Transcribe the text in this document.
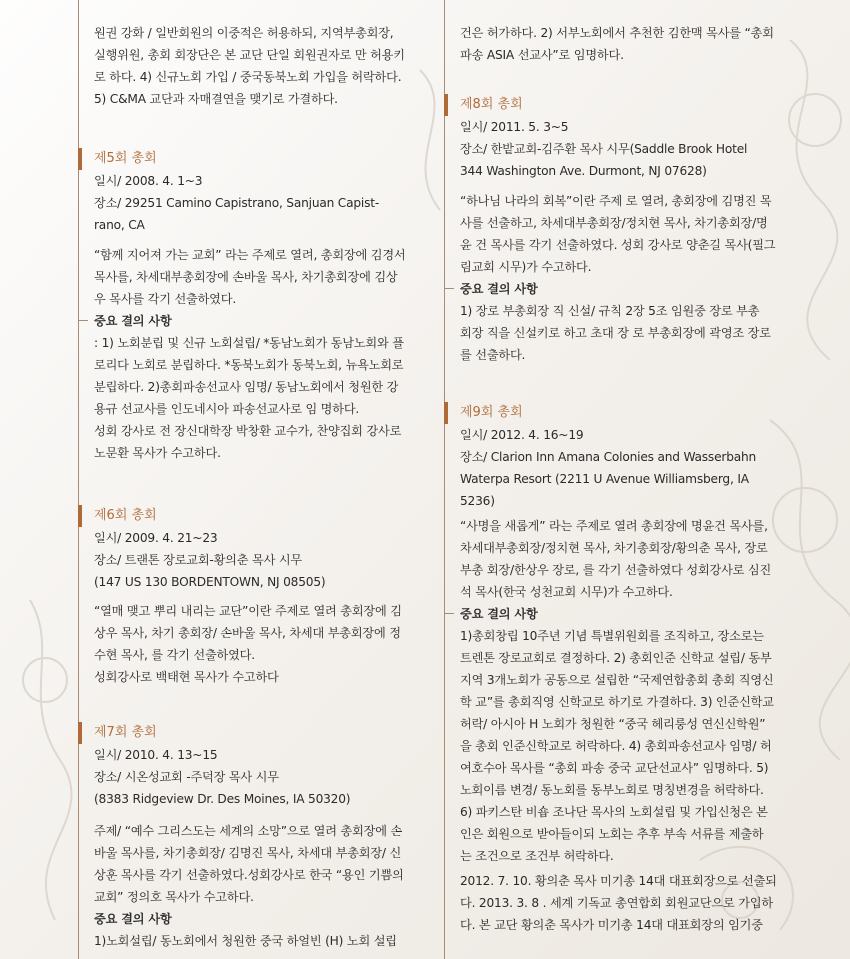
원권 강화 / 일반회원의 이중적은 허용하되, 지역부총회장,
실행위원, 총회 회장단은 본 교단 단일 회원권자로 만 허용키
로 하다. 4) 신규노회 가입 / 중국동북노회 가입을 허락하다.
5) C&MA 교단과 자매결연을 맺기로 가결하다.

제5회 총회
일시/ 2008. 4. 1~3
장소/ 29251 Camino Capistrano, Sanjuan Capist-
rano, CA

“함께 지어져 가는 교회” 라는 주제로 열려, 총회장에 김경서
목사를, 차세대부총회장에 손바울 목사, 차기총회장에 김상
우 목사를 각기 선출하였다.

중요 결의 사항

: 1) 노회분립 및 신규 노회설립/ *동남노회가 동남노회와 플
로리다 노회로 분립하다. *동북노회가 동북노회, 뉴욕노회로
분립하다. 2)총회파송선교사 임명/ 동남노회에서 청원한 강
용규 선교사를 인도네시아 파송선교사로 임 명하다.
성회 강사로 전 장신대학장 박창환 교수가, 찬양집회 강사로
노문환 목사가 수고하다.

제6회 총회
일시/ 2009. 4. 21~23
장소/ 트랜톤 장로교회-황의춘 목사 시무
(147 US 130 BORDENTOWN, NJ 08505)

“열매 맺고 뿌리 내리는 교단”이란 주제로 열려 총회장에 김
상우 목사, 차기 총회장/ 손바울 목사, 차세대 부총회장에 정
수현 목사, 를 각기 선출하였다.
성회강사로 백태현 목사가 수고하다

제7회 총회
일시/ 2010. 4. 13~15
장소/ 시온성교회 -주덕장 목사 시무
(8383 Ridgeview Dr. Des Moines, IA 50320)

주제/ “예수 그리스도는 세계의 소망”으로 열려 총회장에 손
바울 목사를, 차기총회장/ 김명진 목사, 차세대 부총회장/ 신
상훈 목사를 각기 선출하였다.성회강사로 한국 “용인 기쁨의
교회” 정의호 목사가 수고하다.

중요 결의 사항

1)노회설립/ 동노회에서 청원한 중국 하얼빈 (H) 노회 설립

건은 허가하다. 2) 서부노회에서 추천한 김한맥 목사를 “총회
파송 ASIA 선교사”로 임명하다.

제8회 총회
일시/ 2011. 5. 3~5
장소/ 한밭교회-김주환 목사 시무(Saddle Brook Hotel
344 Washington Ave. Durmont, NJ 07628)

“하나님 나라의 회복”이란 주제 로 열려, 총회장에 김명진 목
사를 선출하고, 차세대부총회장/정치현 목사, 차기총회장/명
윤 건 목사를 각기 선출하였다. 성회 강사로 양춘길 목사(필그
림교회 시무)가 수고하다.

중요 결의 사항

1) 장로 부총회장 직 신설/ 규칙 2장 5조 임원중 장로 부총
회장 직을 신설키로 하고 초대 장 로 부총회장에 곽영조 장로
를 선출하다.

제9회 총회
일시/ 2012. 4. 16~19
장소/ Clarion Inn Amana Colonies and Wasserbahn
Waterpa Resort (2211 U Avenue Williamsberg, IA
5236)

“사명을 새롭게” 라는 주제로 열려 총회장에 명윤건 목사를,
차세대부총회장/정치현 목사, 차기총회장/황의춘 목사, 장로
부총 회장/한상우 장로, 를 각기 선출하였다 성회강사로 심진
석 목사(한국 성천교회 시무)가 수고하다.

중요 결의 사항

1)총회창립 10주년 기념 특별위원회를 조직하고, 장소로는
트렌톤 장로교회로 결정하다. 2) 총회인준 신학교 설립/ 동부
지역 3개노회가 공동으로 설립한 “국제연합총회 총회 직영신
학 교”를 총회직영 신학교로 하기로 가결하다. 3) 인준신학교
허락/ 아시아 H 노회가 청원한 “중국 헤리룽성 연신신학원”
을 총회 인준신학교로 허락하다. 4) 총회파송선교사 임명/ 허
여호수아 목사를 “총회 파송 중국 교단선교사” 임명하다. 5)
노회이름 변경/ 동노회를 동부노회로 명칭변경을 허락하다.
6) 파키스탄 비숍 조나단 목사의 노회설립 및 가입신청은 본
인은 회원으로 받아들이되 노회는 추후 부속 서류를 제출하
는 조건으로 조건부 허락하다.

2012. 7. 10. 황의춘 목사 미기총 14대 대표회장으로 선출되
다. 2013. 3. 8 . 세계 기독교 총연합회 회원교단으로 가입하
다. 본 교단 황의춘 목사가 미기총 14대 대표회장의 임기중
